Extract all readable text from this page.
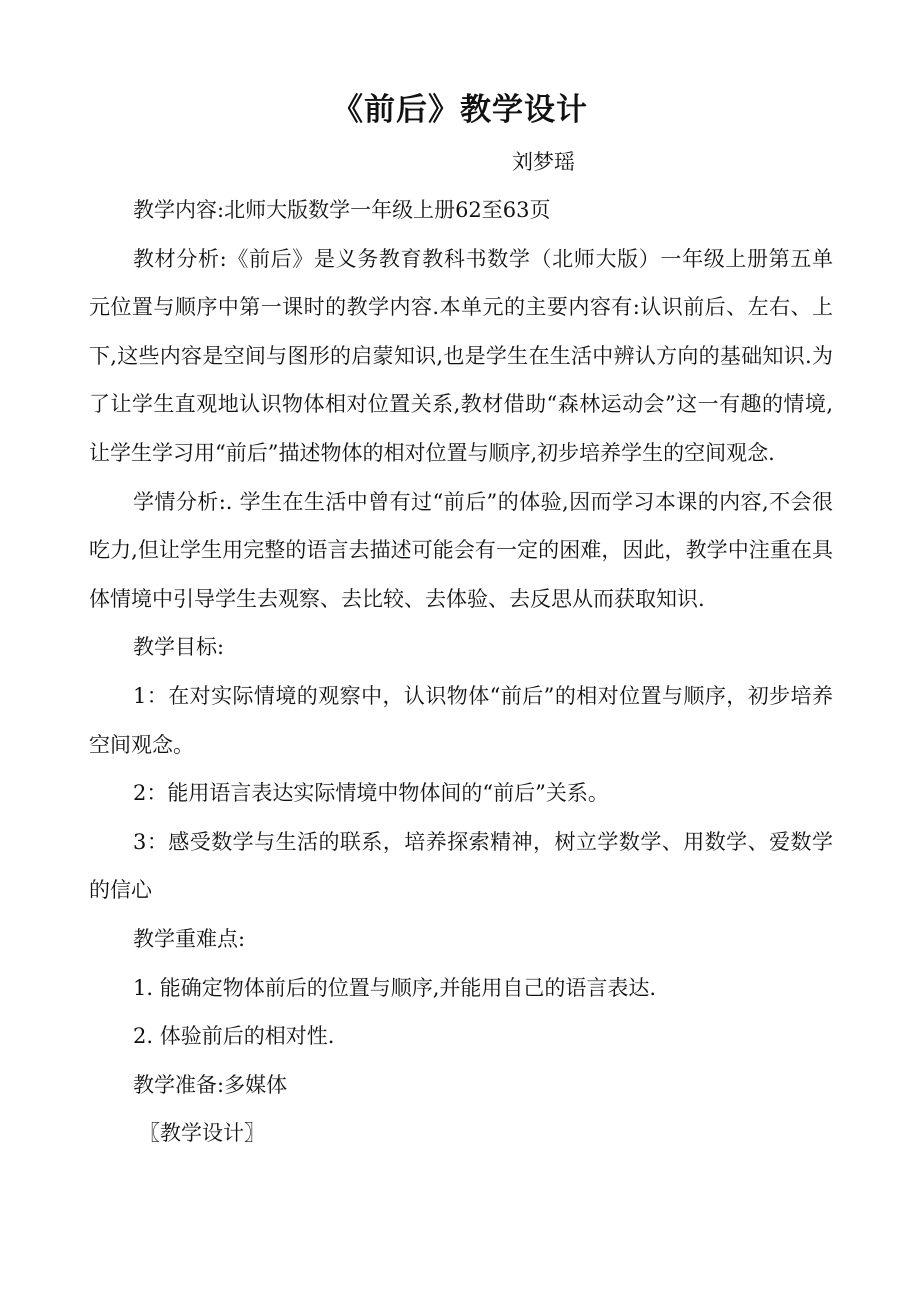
《前后》教学设计
刘梦瑶

教学内容:北师大版数学一年级上册62至63页

教材分析:《前后》是义务教育教科书数学（北师大版）一年级上册第五单元位置与顺序中第一课时的教学内容.本单元的主要内容有:认识前后、左右、上下,这些内容是空间与图形的启蒙知识,也是学生在生活中辨认方向的基础知识.为了让学生直观地认识物体相对位置关系,教材借助“森林运动会”这一有趣的情境,让学生学习用“前后”描述物体的相对位置与顺序,初步培养学生的空间观念.

学情分析:. 学生在生活中曾有过“前后”的体验,因而学习本课的内容,不会很吃力,但让学生用完整的语言去描述可能会有一定的困难，因此，教学中注重在具体情境中引导学生去观察、去比较、去体验、去反思从而获取知识.

教学目标:

1：在对实际情境的观察中，认识物体“前后”的相对位置与顺序，初步培养空间观念。

2：能用语言表达实际情境中物体间的“前后”关系。

3：感受数学与生活的联系，培养探索精神，树立学数学、用数学、爱数学的信心

教学重难点:

1. 能确定物体前后的位置与顺序,并能用自己的语言表达.

2. 体验前后的相对性.

教学准备:多媒体

〖教学设计〗
